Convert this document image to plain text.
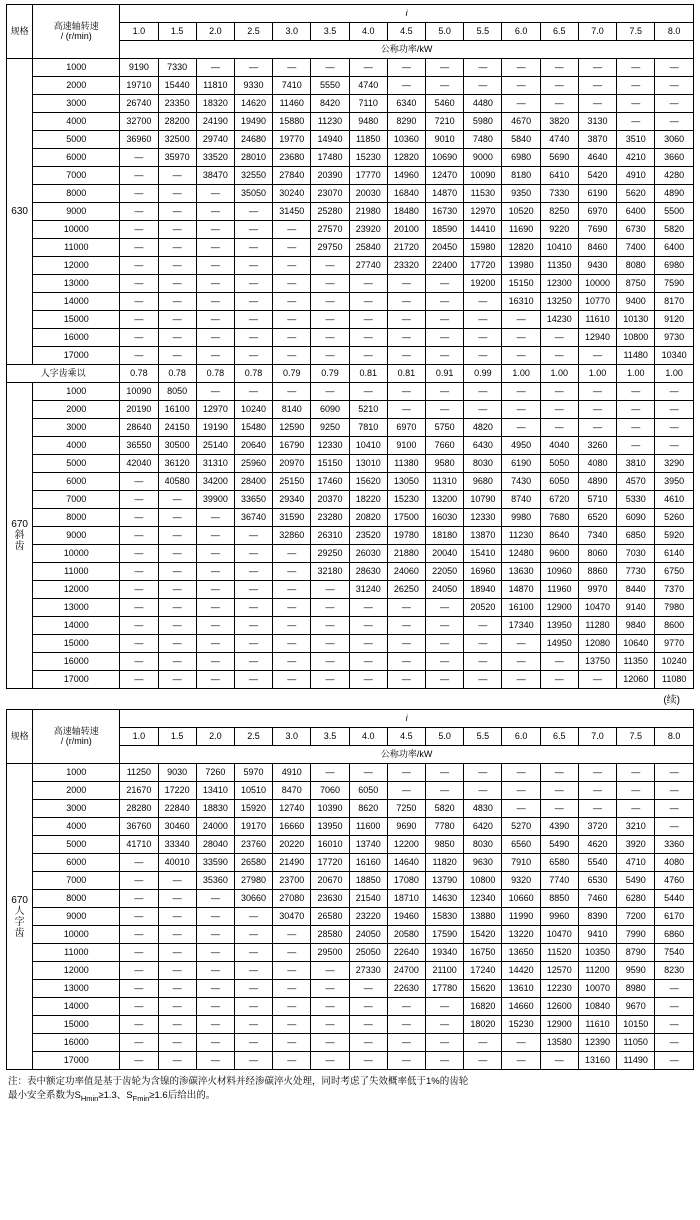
规格	高速轴转速
/ (r/min)	i														
		1.0	1.5	2.0	2.5	3.0	3.5	4.0	4.5	5.0	5.5	6.0	6.5	7.0	7.5	8.0
		公称功率/kW														
630	1000	9190	7330	—	—	—	—	—	—	—	—	—	—	—	—	—
	2000	19710	15440	11810	9330	7410	5550	4740	—	—	—	—	—	—	—	—
	3000	26740	23350	18320	14620	11460	8420	7110	6340	5460	4480	—	—	—	—	—
	4000	32700	28200	24190	19490	15880	11230	9480	8290	7210	5980	4670	3820	3130	—	—
	5000	36960	32500	29740	24680	19770	14940	11850	10360	9010	7480	5840	4740	3870	3510	3060
	6000	—	35970	33520	28010	23680	17480	15230	12820	10690	9000	6980	5690	4640	4210	3660
	7000	—	—	38470	32550	27840	20390	17770	14960	12470	10090	8180	6410	5420	4910	4280
	8000	—	—	—	35050	30240	23070	20030	16840	14870	11530	9350	7330	6190	5620	4890
	9000	—	—	—	—	31450	25280	21980	18480	16730	12970	10520	8250	6970	6400	5500
	10000	—	—	—	—	—	27570	23920	20100	18590	14410	11690	9220	7690	6730	5820
	11000	—	—	—	—	—	29750	25840	21720	20450	15980	12820	10410	8460	7400	6400
	12000	—	—	—	—	—	—	27740	23320	22400	17720	13980	11350	9430	8080	6980
	13000	—	—	—	—	—	—	—	—	—	19200	15150	12300	10000	8750	7590
	14000	—	—	—	—	—	—	—	—	—	—	16310	13250	10770	9400	8170
	15000	—	—	—	—	—	—	—	—	—	—	—	14230	11610	10130	9120
	16000	—	—	—	—	—	—	—	—	—	—	—	—	12940	10800	9730
	17000	—	—	—	—	—	—	—	—	—	—	—	—	—	11480	10340
人字齿乘以		0.78	0.78	0.78	0.78	0.79	0.79	0.81	0.81	0.91	0.99	1.00	1.00	1.00	1.00	1.00

670
斜
齿	1000	10090	8050	—	—	—	—	—	—	—	—	—	—	—	—	—
	2000	20190	16100	12970	10240	8140	6090	5210	—	—	—	—	—	—	—	—
	3000	28640	24150	19190	15480	12590	9250	7810	6970	5750	4820	—	—	—	—	—
	4000	36550	30500	25140	20640	16790	12330	10410	9100	7660	6430	4950	4040	3260	—	—
	5000	42040	36120	31310	25960	20970	15150	13010	11380	9580	8030	6190	5050	4080	3810	3290
	6000	—	40580	34200	28400	25150	17460	15620	13050	11310	9680	7430	6050	4890	4570	3950
	7000	—	—	39900	33650	29340	20370	18220	15230	13200	10790	8740	6720	5710	5330	4610
	8000	—	—	—	36740	31590	23280	20820	17500	16030	12330	9980	7680	6520	6090	5260
	9000	—	—	—	—	32860	26310	23520	19780	18180	13870	11230	8640	7340	6850	5920
	10000	—	—	—	—	—	29250	26030	21880	20040	15410	12480	9600	8060	7030	6140
	11000	—	—	—	—	—	32180	28630	24060	22050	16960	13630	10960	8860	7730	6750
	12000	—	—	—	—	—	—	31240	26250	24050	18940	14870	11960	9970	8440	7370
	13000	—	—	—	—	—	—	—	—	—	20520	16100	12900	10470	9140	7980
	14000	—	—	—	—	—	—	—	—	—	—	17340	13950	11280	9840	8600
	15000	—	—	—	—	—	—	—	—	—	—	—	14950	12080	10640	9770
	16000	—	—	—	—	—	—	—	—	—	—	—	—	13750	11350	10240
	17000	—	—	—	—	—	—	—	—	—	—	—	—	—	12060	11080
(续)
规格	高速轴转速
/ (r/min)	i														
		1.0	1.5	2.0	2.5	3.0	3.5	4.0	4.5	5.0	5.5	6.0	6.5	7.0	7.5	8.0
		公称功率/kW														

670
人
字
齿	1000	11250	9030	7260	5970	4910	—	—	—	—	—	—	—	—	—	—
	2000	21670	17220	13410	10510	8470	7060	6050	—	—	—	—	—	—	—	—
	3000	28280	22840	18830	15920	12740	10390	8620	7250	5820	4830	—	—	—	—	—
	4000	36760	30460	24000	19170	16660	13950	11600	9690	7780	6420	5270	4390	3720	3210	—
	5000	41710	33340	28040	23760	20220	16010	13740	12200	9850	8030	6560	5490	4620	3920	3360
	6000	—	40010	33590	26580	21490	17720	16160	14640	11820	9630	7910	6580	5540	4710	4080
	7000	—	—	35360	27980	23700	20670	18850	17080	13790	10800	9320	7740	6530	5490	4760
	8000	—	—	—	30660	27080	23630	21540	18710	14630	12340	10660	8850	7460	6280	5440
	9000	—	—	—	—	30470	26580	23220	19460	15830	13880	11990	9960	8390	7200	6170
	10000	—	—	—	—	—	28580	24050	20580	17590	15420	13220	10470	9410	7990	6860
	11000	—	—	—	—	—	29500	25050	22640	19340	16750	13650	11520	10350	8790	7540
	12000	—	—	—	—	—	—	27330	24700	21100	17240	14420	12570	11200	9590	8230
	13000	—	—	—	—	—	—	—	22630	17780	15620	13610	12230	10070	8980	—
	14000	—	—	—	—	—	—	—	—	—	16820	14660	12600	10840	9670	—
	15000	—	—	—	—	—	—	—	—	—	18020	15230	12900	11610	10150	—
	16000	—	—	—	—	—	—	—	—	—	—	—	13580	12390	11050	—
	17000	—	—	—	—	—	—	—	—	—	—	—	—	13160	11490	—
注：表中额定功率值是基于齿轮为含镍的渗碳淬火材料并经渗碳淬火处理，同时考虑了失效概率低于1%的齿轮
最小安全系数为$S_{Hmin}\ge 1.3$、$S_{Fmin}\ge 1.6$后给出的。
